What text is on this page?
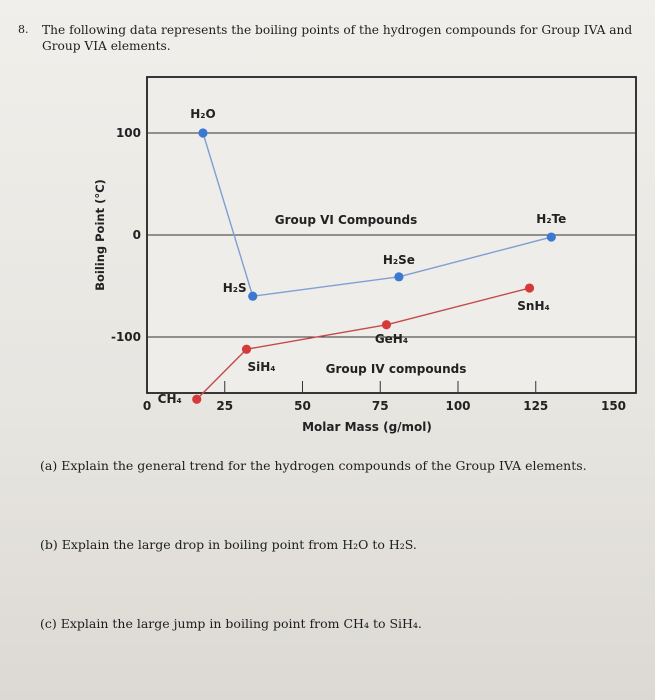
8.	The following data represents the boiling points of the hydrogen compounds for Group IVA and Group VIA elements.
Boiling Point (°C)
Molar Mass (g/mol)
Group VI Compounds
Group IV compounds
0	25	50	75	100	125	150
100
0
-100
H₂O
H₂S
H₂Se
H₂Te
CH₄
SiH₄
GeH₄
SnH₄
(a) Explain the general trend for the hydrogen compounds of the Group IVA elements.
(b) Explain the large drop in boiling point from H₂O to H₂S.
(c) Explain the large jump in boiling point from CH₄ to SiH₄.
